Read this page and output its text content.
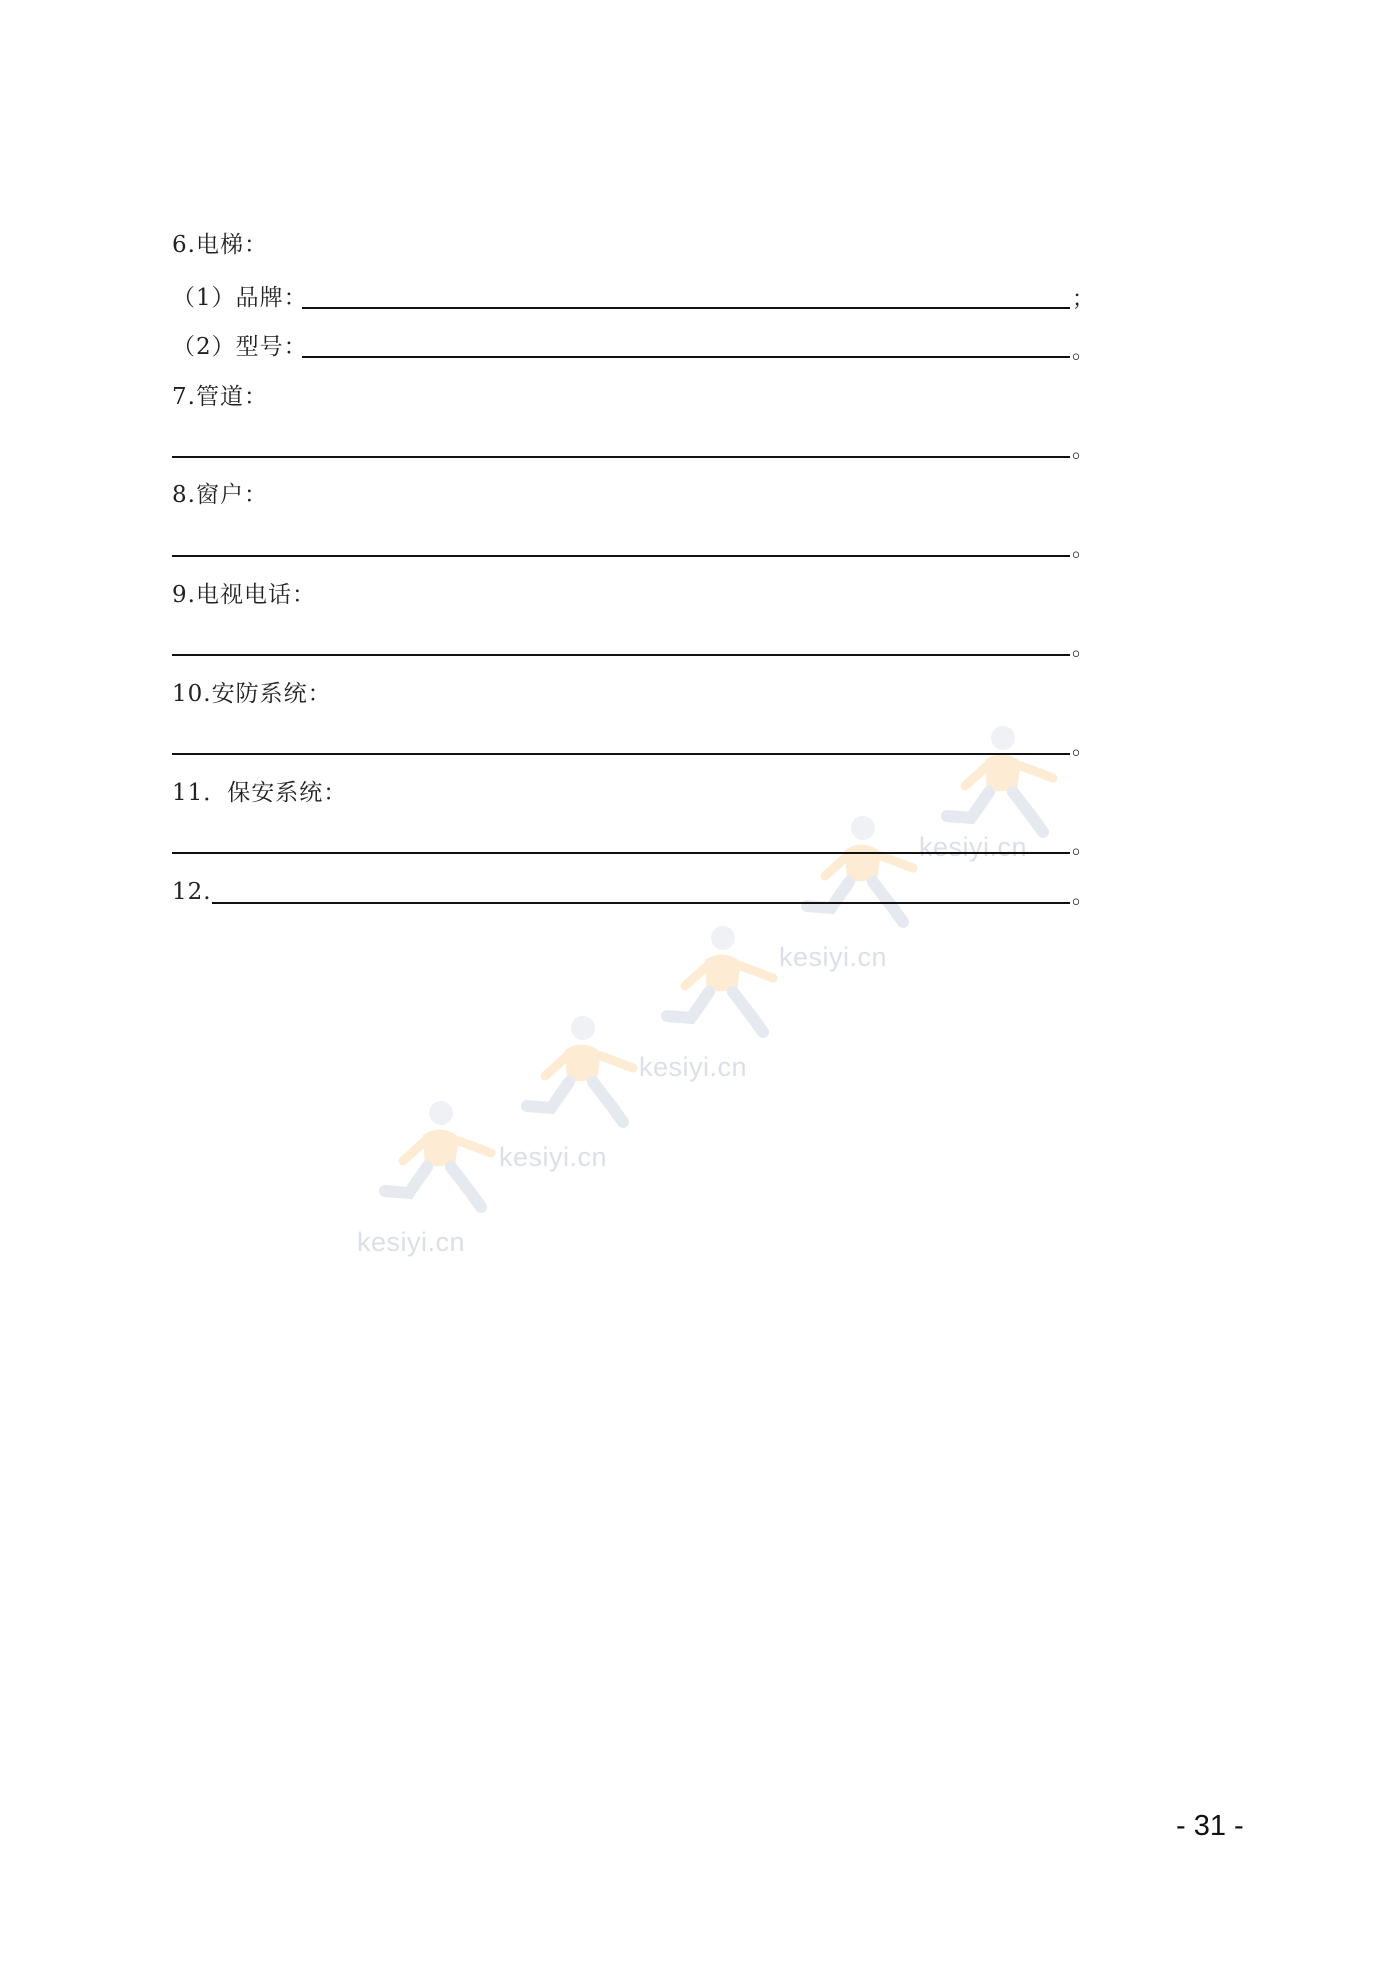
kesiyi.cn
kesiyi.cn
kesiyi.cn
kesiyi.cn
kesiyi.cn
6.电梯：
（1）品牌：	；
（2）型号：	。
7.管道：
。
8.窗户：
。
9.电视电话：
。
10.安防系统：
。
11．保安系统：
。
12.	。
- 31 -
